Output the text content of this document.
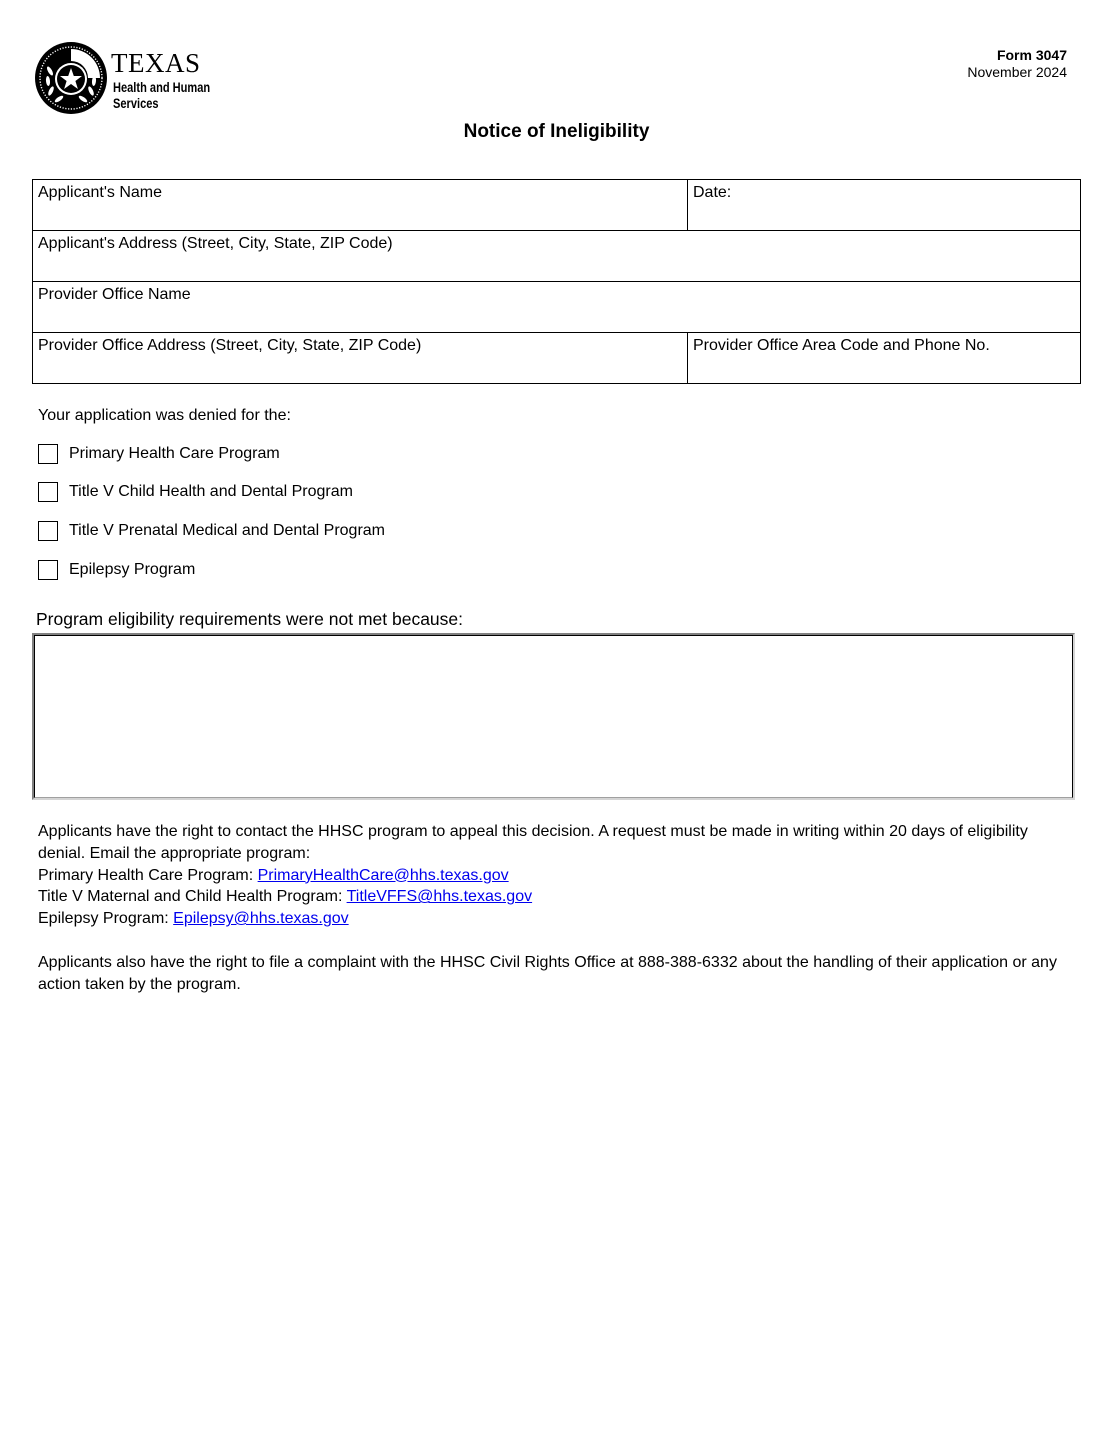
TEXAS
Health and Human
Services
Form 3047
November 2024
Notice of Ineligibility
Applicant's Name	Date:
Applicant's Address (Street, City, State, ZIP Code)	
Provider Office Name	
Provider Office Address (Street, City, State, ZIP Code)	Provider Office Area Code and Phone No.
Your application was denied for the:
Primary Health Care Program
Title V Child Health and Dental Program
Title V Prenatal Medical and Dental Program
Epilepsy Program
Program eligibility requirements were not met because:

Applicants have the right to contact the HHSC program to appeal this decision. A request must be made in writing within 20 days of eligibility denial. Email the appropriate program:

Primary Health Care Program: PrimaryHealthCare@hhs.texas.gov

Title V Maternal and Child Health Program: TitleVFFS@hhs.texas.gov

Epilepsy Program: Epilepsy@hhs.texas.gov

Applicants also have the right to file a complaint with the HHSC Civil Rights Office at 888-388-6332 about the handling of their application or any action taken by the program.
